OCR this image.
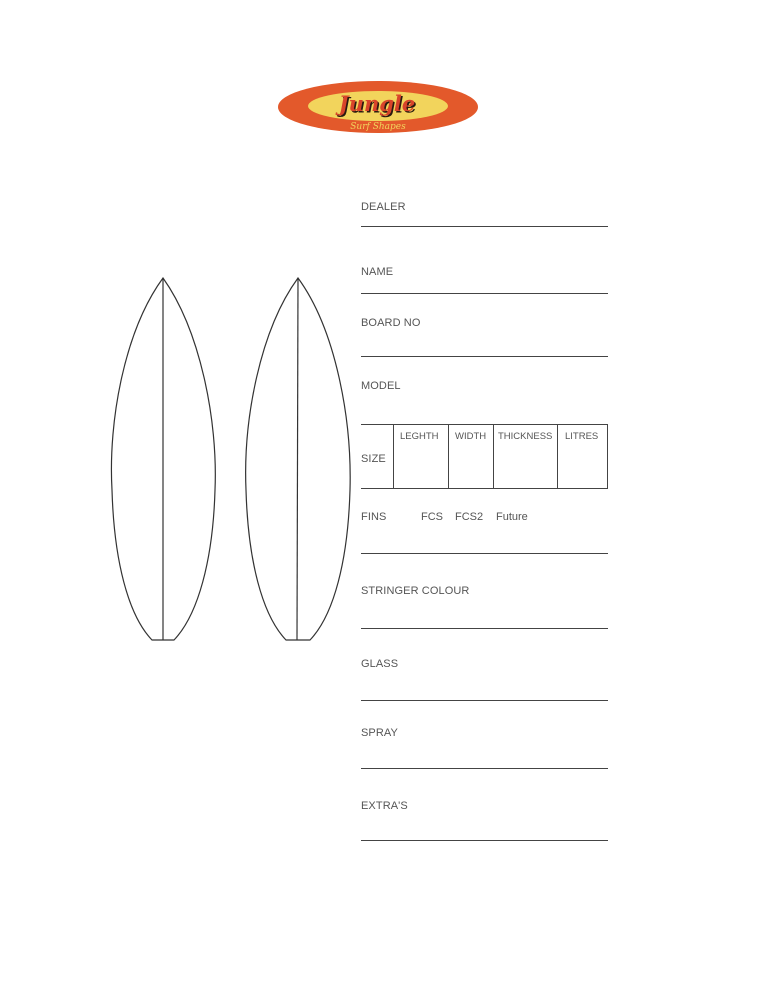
Jungle
Surf Shapes
DEALER
NAME
BOARD NO
MODEL
SIZE
LEGHTH WIDTH THICKNESS LITRES
FINS	FCS FCS2 Future
STRINGER COLOUR
GLASS
SPRAY
EXTRA'S
